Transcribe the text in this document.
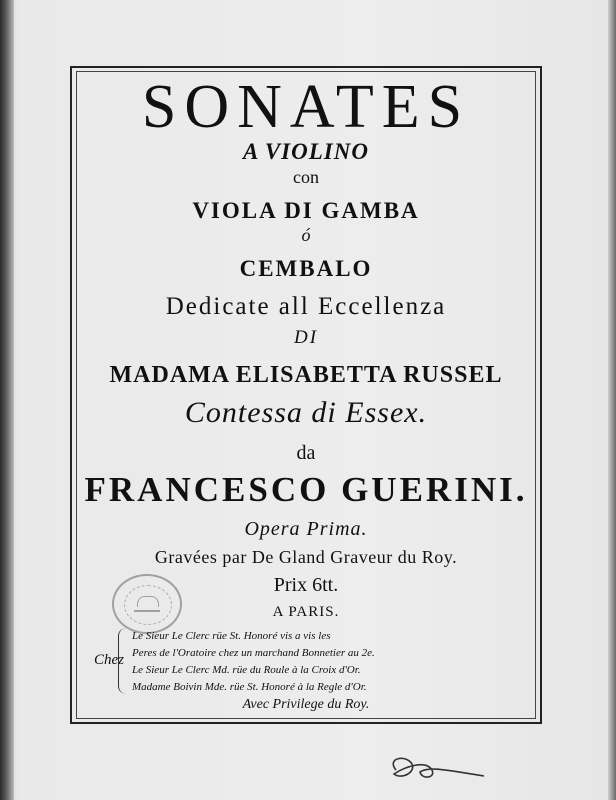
SONATES
A VIOLINO
con
VIOLA DI GAMBA
ó
CEMBALO
Dedicate all Eccellenza
DI
MADAMA ELISABETTA RUSSEL
Contessa di Essex.
da
FRANCESCO GUERINI.
Opera Prima.
Gravées par De Gland Graveur du Roy.
Prix 6tt.
A PARIS.
Chez
Le Sieur Le Clerc rüe St. Honoré vis a vis les
Peres de l'Oratoire chez un marchand Bonnetier au 2e.
Le Sieur Le Clerc Md. rüe du Roule à la Croix d'Or.
Madame Boivin Mde. rüe St. Honoré à la Regle d'Or.
Avec Privilege du Roy.
